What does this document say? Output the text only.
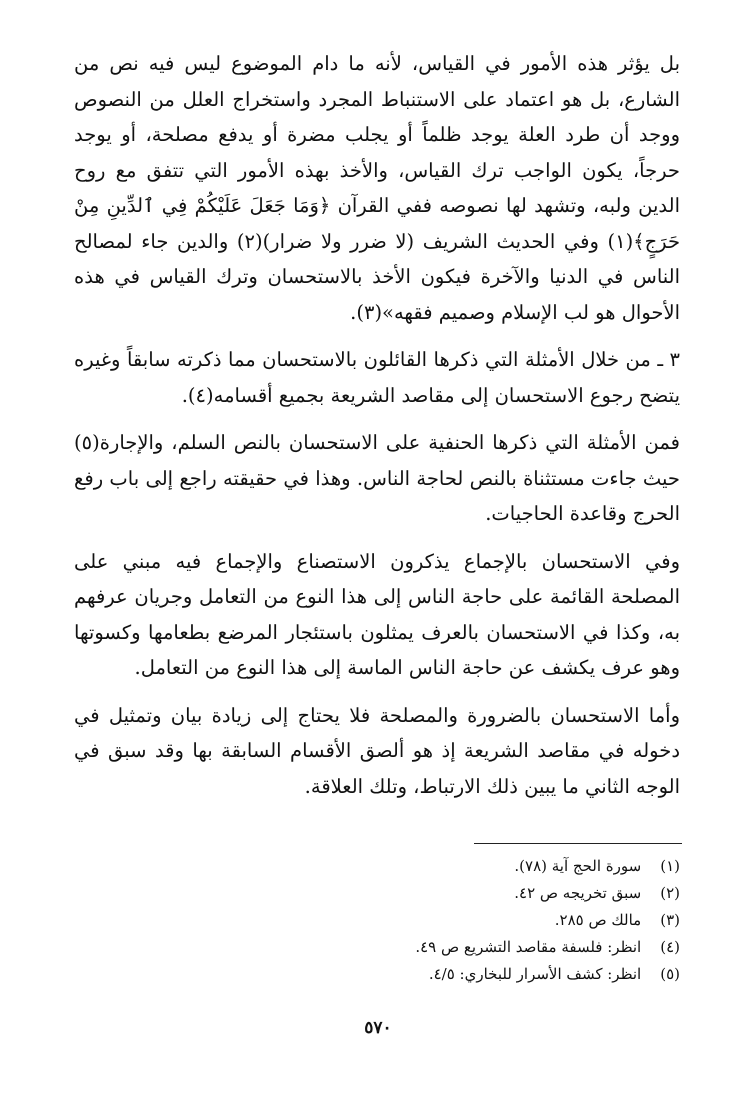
بل يؤثر هذه الأمور في القياس، لأنه ما دام الموضوع ليس فيه نص من الشارع، بل هو اعتماد على الاستنباط المجرد واستخراج العلل من النصوص ووجد أن طرد العلة يوجد ظلماً أو يجلب مضرة أو يدفع مصلحة، أو يوجد حرجاً، يكون الواجب ترك القياس، والأخذ بهذه الأمور التي تتفق مع روح الدين ولبه، وتشهد لها نصوصه ففي القرآن ﴿وَمَا جَعَلَ عَلَيْكُمْ فِي ٱلدِّينِ مِنْ حَرَجٍ﴾(١) وفي الحديث الشريف (لا ضرر ولا ضرار)(٢) والدين جاء لمصالح الناس في الدنيا والآخرة فيكون الأخذ بالاستحسان وترك القياس في هذه الأحوال هو لب الإسلام وصميم فقهه»(٣).

٣ ـ من خلال الأمثلة التي ذكرها القائلون بالاستحسان مما ذكرته سابقاً وغيره يتضح رجوع الاستحسان إلى مقاصد الشريعة بجميع أقسامه(٤).

فمن الأمثلة التي ذكرها الحنفية على الاستحسان بالنص السلم، والإجارة(٥) حيث جاءت مستثناة بالنص لحاجة الناس. وهذا في حقيقته راجع إلى باب رفع الحرج وقاعدة الحاجيات.

وفي الاستحسان بالإجماع يذكرون الاستصناع والإجماع فيه مبني على المصلحة القائمة على حاجة الناس إلى هذا النوع من التعامل وجريان عرفهم به، وكذا في الاستحسان بالعرف يمثلون باستئجار المرضع بطعامها وكسوتها وهو عرف يكشف عن حاجة الناس الماسة إلى هذا النوع من التعامل.

وأما الاستحسان بالضرورة والمصلحة فلا يحتاج إلى زيادة بيان وتمثيل في دخوله في مقاصد الشريعة إذ هو ألصق الأقسام السابقة بها وقد سبق في الوجه الثاني ما يبين ذلك الارتباط، وتلك العلاقة.

(١) سورة الحج آية (٧٨).
(٢) سبق تخريجه ص ٤٢.
(٣) مالك ص ٢٨٥.
(٤) انظر: فلسفة مقاصد التشريع ص ٤٩.
(٥) انظر: كشف الأسرار للبخاري: ٤/٥.
٥٧٠
